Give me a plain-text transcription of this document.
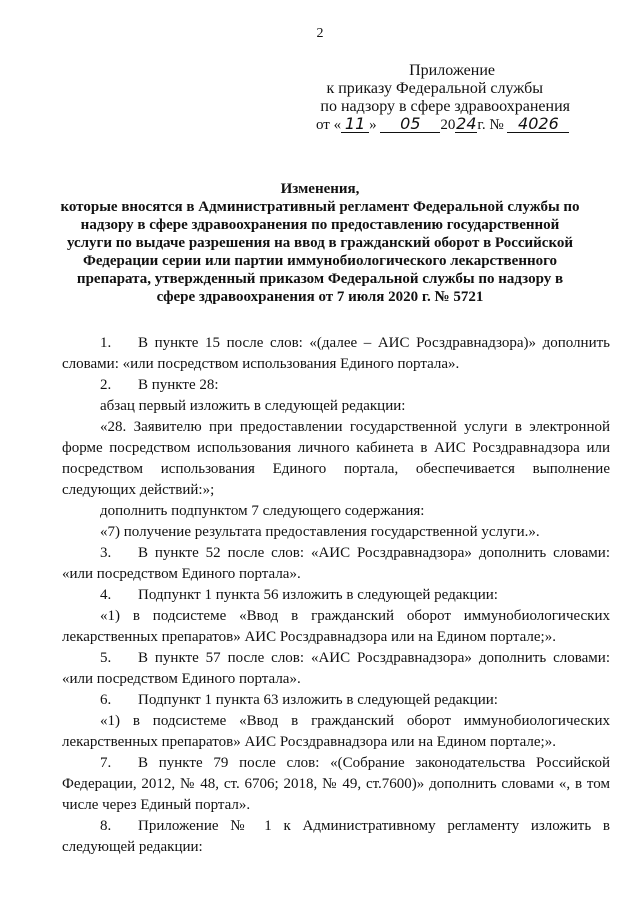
2
Приложение
к приказу Федеральной службы
по надзору в сфере здравоохранения
от « 11 » 05 2024г. № 4026
Изменения,
которые вносятся в Административный регламент Федеральной службы по надзору в сфере здравоохранения по предоставлению государственной услуги по выдаче разрешения на ввод в гражданский оборот в Российской Федерации серии или партии иммунобиологического лекарственного препарата, утвержденный приказом Федеральной службы по надзору в сфере здравоохранения от 7 июля 2020 г. № 5721

1. В пункте 15 после слов: «(далее – АИС Росздравнадзора)» дополнить словами: «или посредством использования Единого портала».

2. В пункте 28:

абзац первый изложить в следующей редакции:

«28. Заявителю при предоставлении государственной услуги в электронной форме посредством использования личного кабинета в АИС Росздравнадзора или посредством использования Единого портала, обеспечивается выполнение следующих действий:»;

дополнить подпунктом 7 следующего содержания:

«7) получение результата предоставления государственной услуги.».

3. В пункте 52 после слов: «АИС Росздравнадзора» дополнить словами: «или посредством Единого портала».

4. Подпункт 1 пункта 56 изложить в следующей редакции:

«1) в подсистеме «Ввод в гражданский оборот иммунобиологических лекарственных препаратов» АИС Росздравнадзора или на Едином портале;».

5. В пункте 57 после слов: «АИС Росздравнадзора» дополнить словами: «или посредством Единого портала».

6. Подпункт 1 пункта 63 изложить в следующей редакции:

«1) в подсистеме «Ввод в гражданский оборот иммунобиологических лекарственных препаратов» АИС Росздравнадзора или на Едином портале;».

7. В пункте 79 после слов: «(Собрание законодательства Российской Федерации, 2012, № 48, ст. 6706; 2018, № 49, ст.7600)» дополнить словами «, в том числе через Единый портал».

8. Приложение № 1 к Административному регламенту изложить в следующей редакции:
